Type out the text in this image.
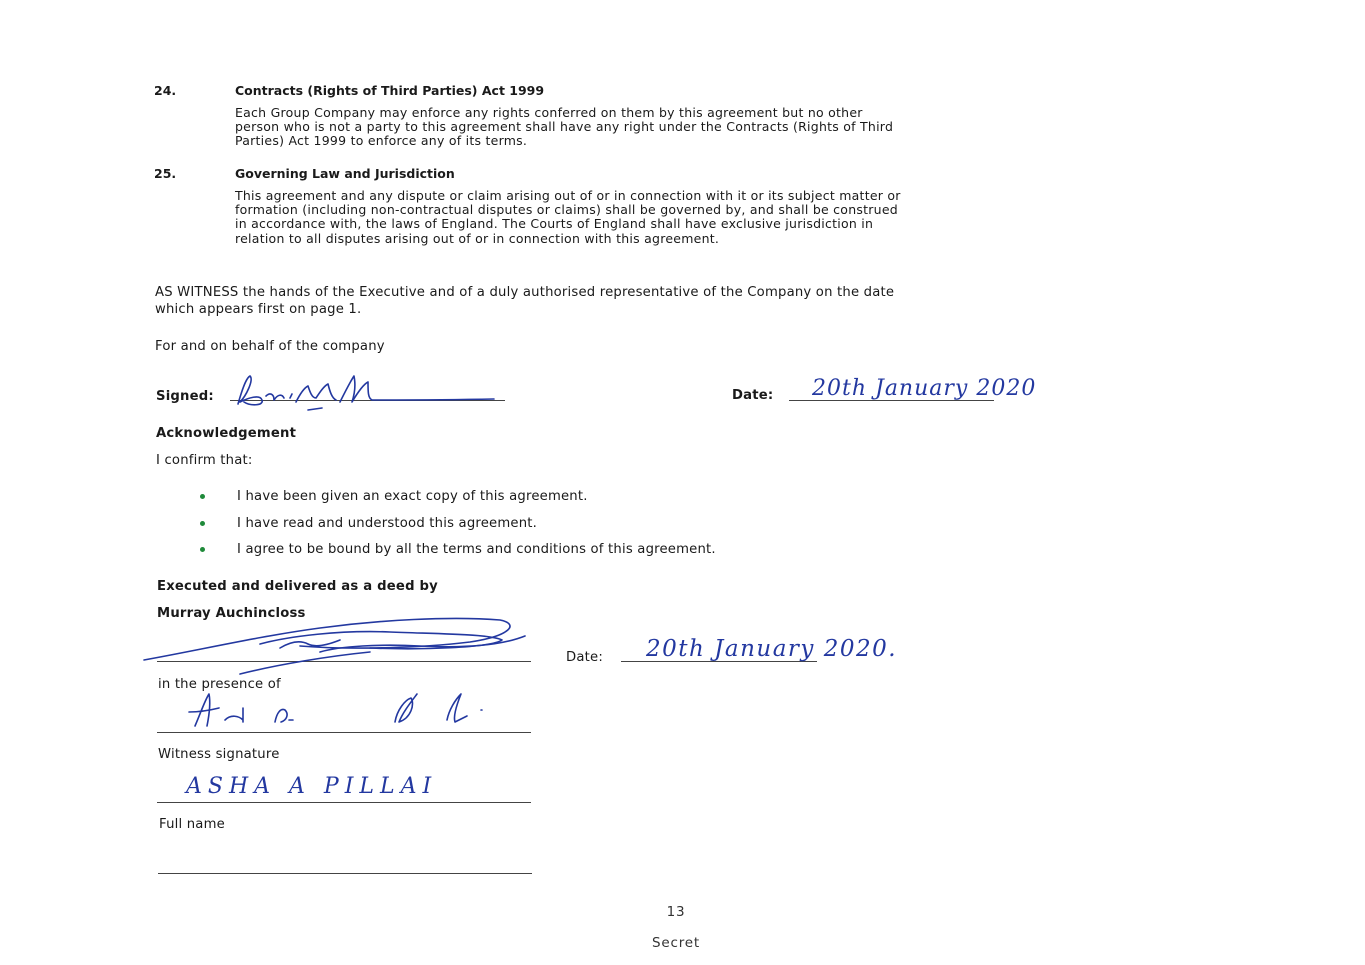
24.	Contracts (Rights of Third Parties) Act 1999
Each Group Company may enforce any rights conferred on them by this agreement but no other
person who is not a party to this agreement shall have any right under the Contracts (Rights of Third
Parties) Act 1999 to enforce any of its terms.
25.	Governing Law and Jurisdiction
This agreement and any dispute or claim arising out of or in connection with it or its subject matter or
formation (including non-contractual disputes or claims) shall be governed by, and shall be construed
in accordance with, the laws of England. The Courts of England shall have exclusive jurisdiction in
relation to all disputes arising out of or in connection with this agreement.
AS WITNESS the hands of the Executive and of a duly authorised representative of the Company on the date
which appears first on page 1.
For and on behalf of the company
Signed:	Date: 20th January 2020
Acknowledgement
I confirm that:
I have been given an exact copy of this agreement.
I have read and understood this agreement.
I agree to be bound by all the terms and conditions of this agreement.
Executed and delivered as a deed by
Murray Auchincloss
Date: 20th January 2020.
in the presence of
Witness signature
ASHA A PILLAI
Full name
13
Secret
